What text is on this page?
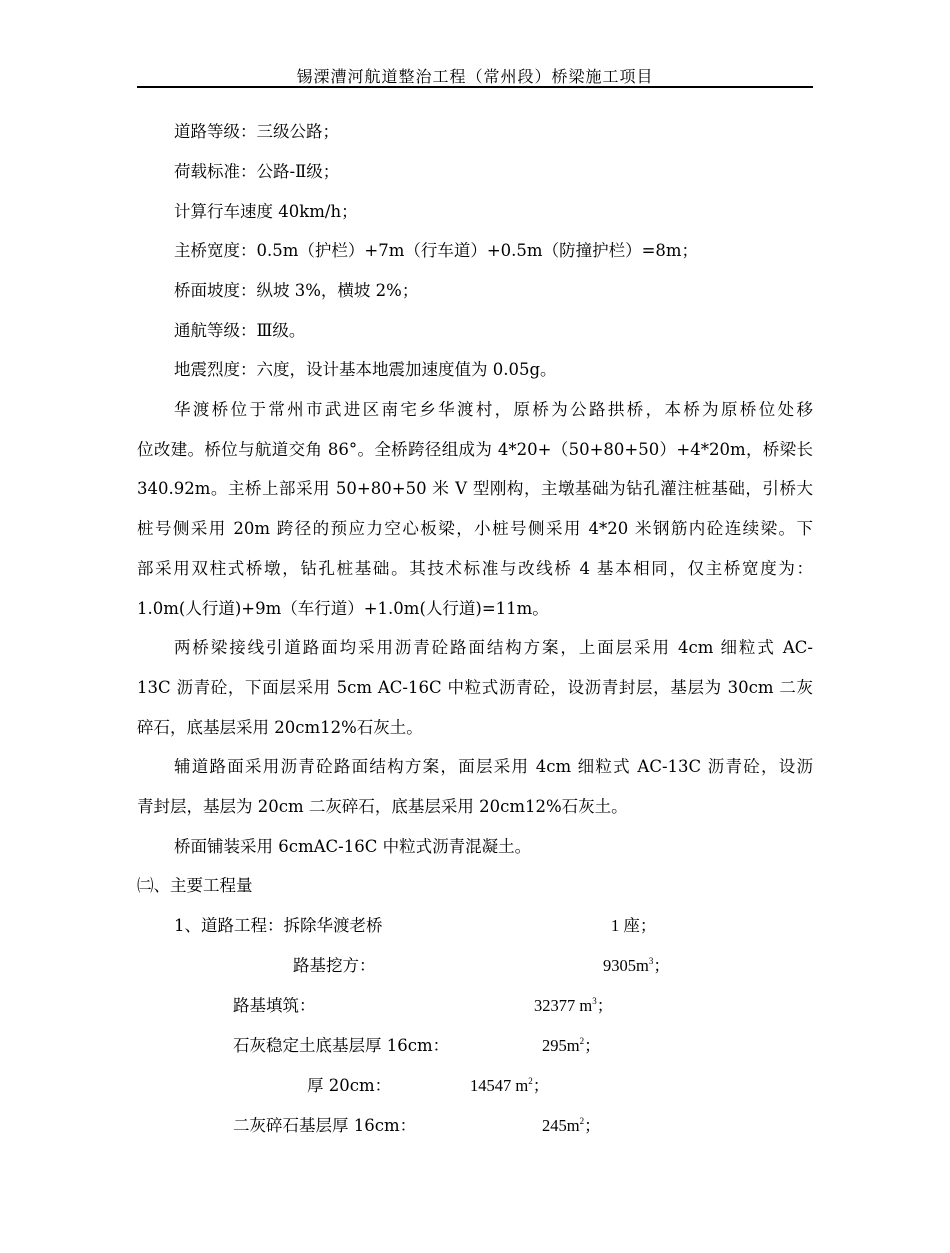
锡溧漕河航道整治工程（常州段）桥梁施工项目
道路等级：三级公路；
荷载标准：公路-Ⅱ级；
计算行车速度 40km/h；
主桥宽度：0.5m（护栏）+7m（行车道）+0.5m（防撞护栏）=8m；
桥面坡度：纵坡 3%，横坡 2%；
通航等级：Ⅲ级。
地震烈度：六度，设计基本地震加速度值为 0.05g。
华渡桥位于常州市武进区南宅乡华渡村，原桥为公路拱桥，本桥为原桥位处移
位改建。桥位与航道交角 86°。全桥跨径组成为 4*20+（50+80+50）+4*20m，桥梁长
340.92m。主桥上部采用 50+80+50 米 V 型刚构，主墩基础为钻孔灌注桩基础，引桥大
桩号侧采用 20m 跨径的预应力空心板梁，小桩号侧采用 4*20 米钢筋内砼连续梁。下
部采用双柱式桥墩，钻孔桩基础。其技术标准与改线桥 4 基本相同，仅主桥宽度为：
1.0m(人行道)+9m（车行道）+1.0m(人行道)=11m。
两桥梁接线引道路面均采用沥青砼路面结构方案，上面层采用 4cm 细粒式 AC-
13C 沥青砼，下面层采用 5cm AC-16C 中粒式沥青砼，设沥青封层，基层为 30cm 二灰
碎石，底基层采用 20cm12%石灰土。
辅道路面采用沥青砼路面结构方案，面层采用 4cm 细粒式 AC-13C 沥青砼，设沥
青封层，基层为 20cm 二灰碎石，底基层采用 20cm12%石灰土。
桥面铺装采用 6cmAC-16C 中粒式沥青混凝土。
㈡、主要工程量
1、道路工程：拆除华渡老桥	1 座；
路基挖方：	$9305m^3$；
路基填筑：	32377 $m^3$；
石灰稳定土底基层厚 16cm：	$295m^2$；
厚 20cm：	14547 $m^2$；
二灰碎石基层厚 16cm：	$245m^2$；
